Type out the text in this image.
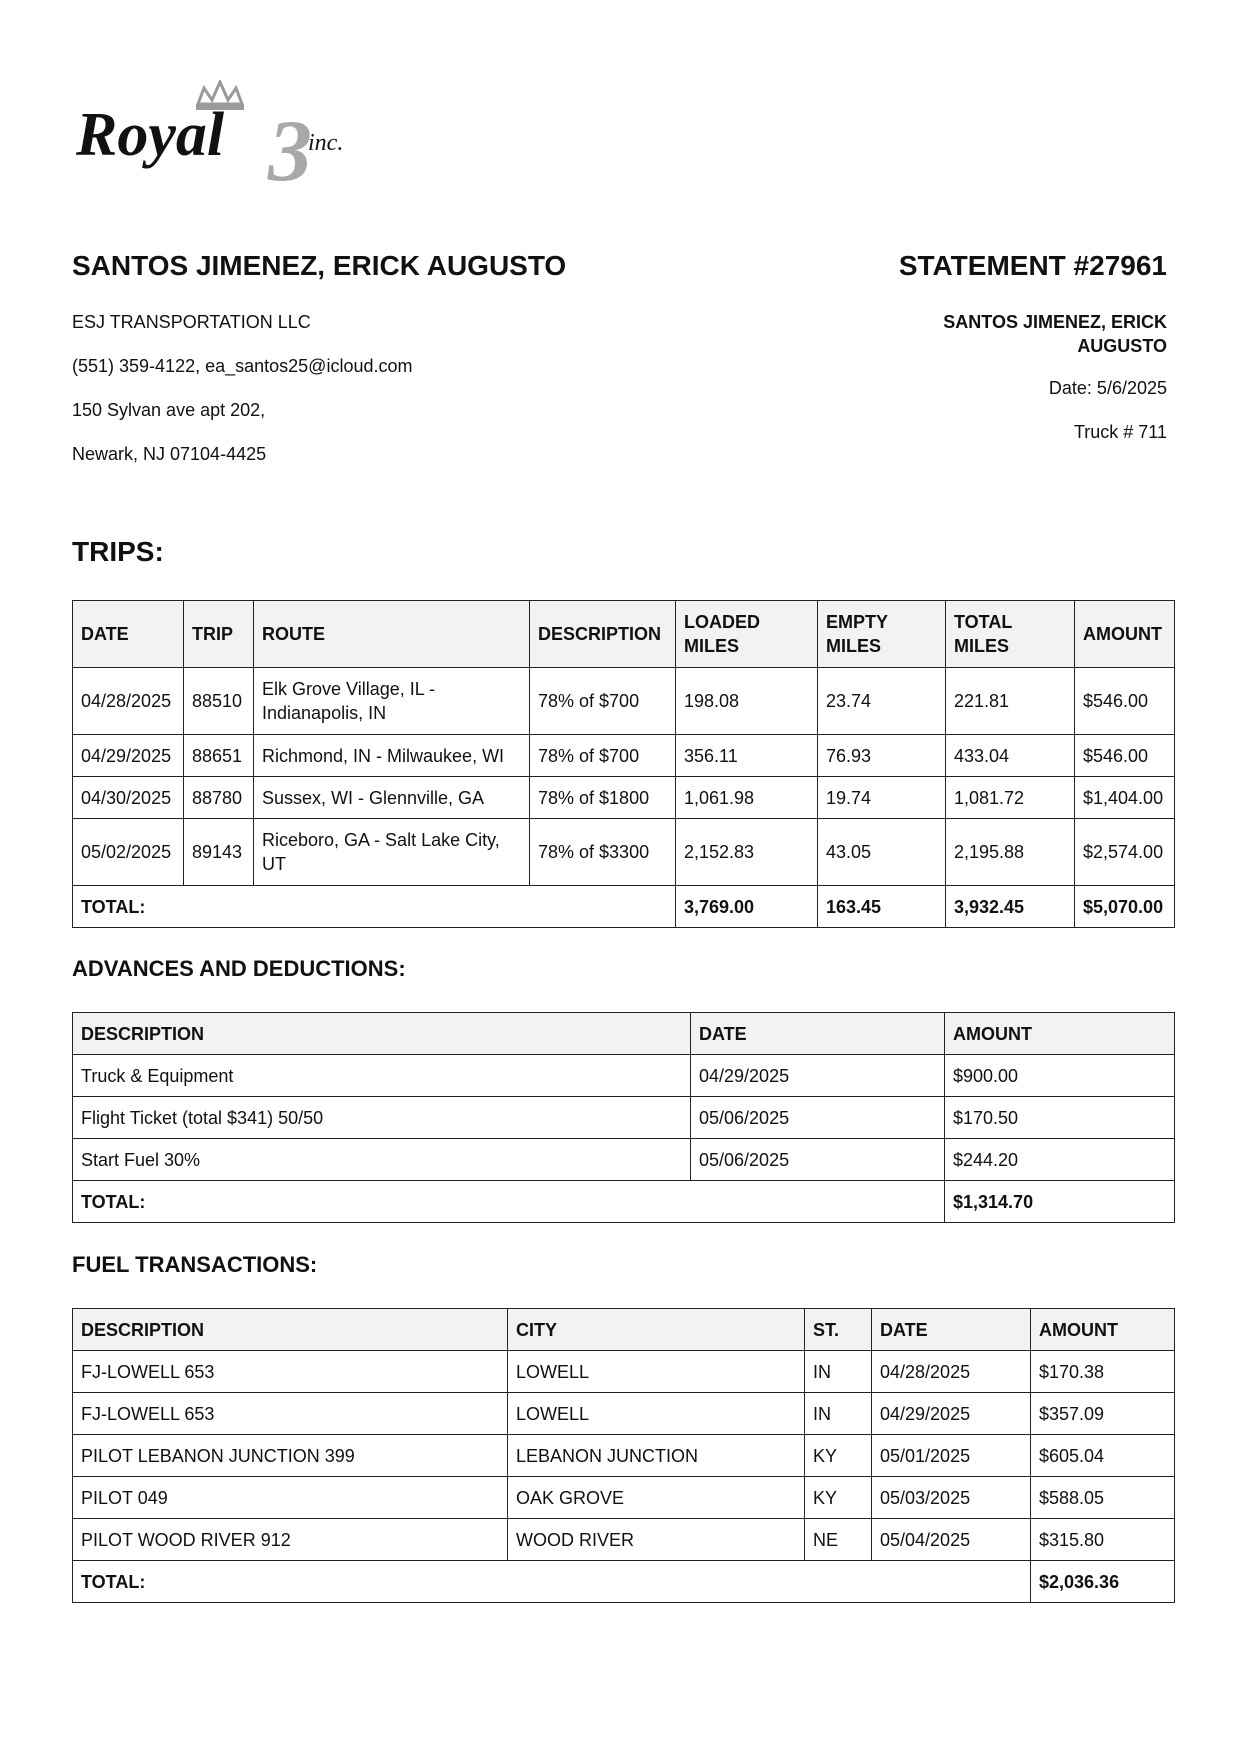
Royal 3
inc.
SANTOS JIMENEZ, ERICK AUGUSTO
ESJ TRANSPORTATION LLC
(551) 359-4122, ea_santos25@icloud.com
150 Sylvan ave apt 202,
Newark, NJ 07104-4425
STATEMENT #27961
SANTOS JIMENEZ, ERICK
AUGUSTO
Date: 5/6/2025
Truck # 711
TRIPS:
DATE	TRIP	ROUTE	DESCRIPTION	LOADED MILES	EMPTY MILES	TOTAL MILES	AMOUNT
04/28/2025	88510	Elk Grove Village, IL - Indianapolis, IN	78% of $700	198.08	23.74	221.81	$546.00
04/29/2025	88651	Richmond, IN - Milwaukee, WI	78% of $700	356.11	76.93	433.04	$546.00
04/30/2025	88780	Sussex, WI - Glennville, GA	78% of $1800	1,061.98	19.74	1,081.72	$1,404.00
05/02/2025	89143	Riceboro, GA - Salt Lake City, UT	78% of $3300	2,152.83	43.05	2,195.88	$2,574.00
TOTAL:				3,769.00	163.45	3,932.45	$5,070.00
ADVANCES AND DEDUCTIONS:
DESCRIPTION	DATE	AMOUNT
Truck & Equipment	04/29/2025	$900.00
Flight Ticket (total $341) 50/50	05/06/2025	$170.50
Start Fuel 30%	05/06/2025	$244.20
TOTAL:		$1,314.70
FUEL TRANSACTIONS:
DESCRIPTION	CITY	ST.	DATE	AMOUNT
FJ-LOWELL 653	LOWELL	IN	04/28/2025	$170.38
FJ-LOWELL 653	LOWELL	IN	04/29/2025	$357.09
PILOT LEBANON JUNCTION 399	LEBANON JUNCTION	KY	05/01/2025	$605.04
PILOT 049	OAK GROVE	KY	05/03/2025	$588.05
PILOT WOOD RIVER 912	WOOD RIVER	NE	05/04/2025	$315.80
TOTAL:				$2,036.36
